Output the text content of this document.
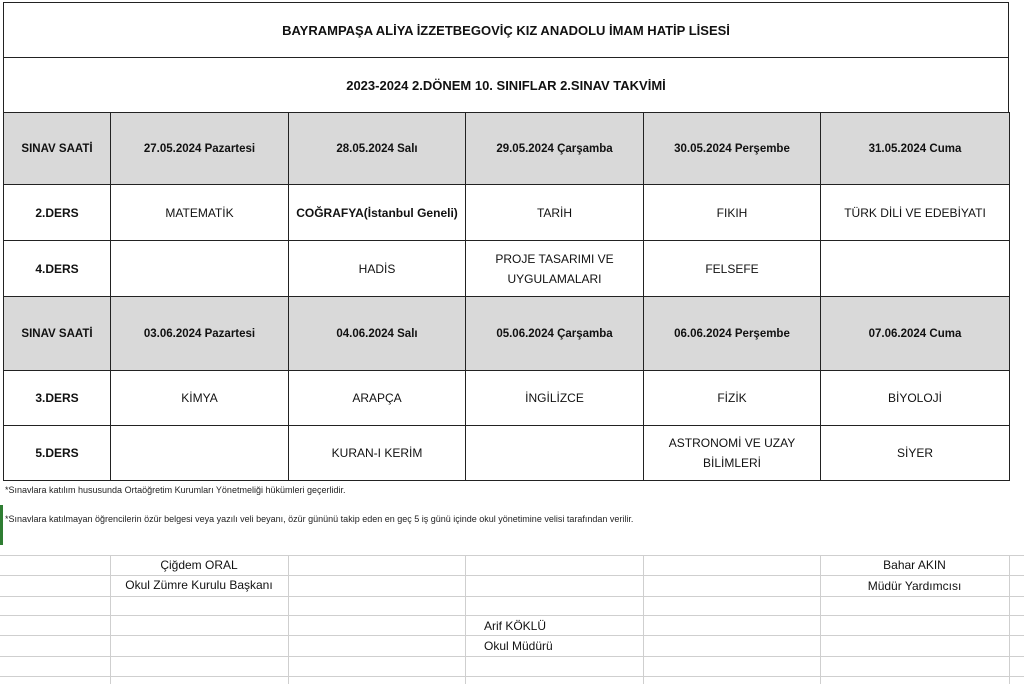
BAYRAMPAŞA ALİYA İZZETBEGOVİÇ KIZ ANADOLU İMAM HATİP LİSESİ
2023-2024 2.DÖNEM 10. SINIFLAR 2.SINAV TAKVİMİ
SINAV SAATİ	27.05.2024 Pazartesi	28.05.2024 Salı	29.05.2024 Çarşamba	30.05.2024 Perşembe	31.05.2024 Cuma
2.DERS	MATEMATİK	COĞRAFYA(İstanbul Geneli)	TARİH	FIKIH	TÜRK DİLİ VE EDEBİYATI
4.DERS		HADİS	PROJE TASARIMI VE UYGULAMALARI	FELSEFE	
SINAV SAATİ	03.06.2024 Pazartesi	04.06.2024 Salı	05.06.2024 Çarşamba	06.06.2024 Perşembe	07.06.2024 Cuma
3.DERS	KİMYA	ARAPÇA	İNGİLİZCE	FİZİK	BİYOLOJİ
5.DERS		KURAN-I KERİM		ASTRONOMİ VE UZAY BİLİMLERİ	SİYER
*Sınavlara katılım hususunda Ortaöğretim Kurumları Yönetmeliği hükümleri geçerlidir.
*Sınavlara katılmayan öğrencilerin özür belgesi veya yazılı veli beyanı, özür gününü takip eden en geç 5 iş günü içinde okul yönetimine velisi tarafından verilir.
Çiğdem ORAL
Okul Zümre Kurulu Başkanı
Bahar AKIN
Müdür Yardımcısı
Arif KÖKLÜ
Okul Müdürü
